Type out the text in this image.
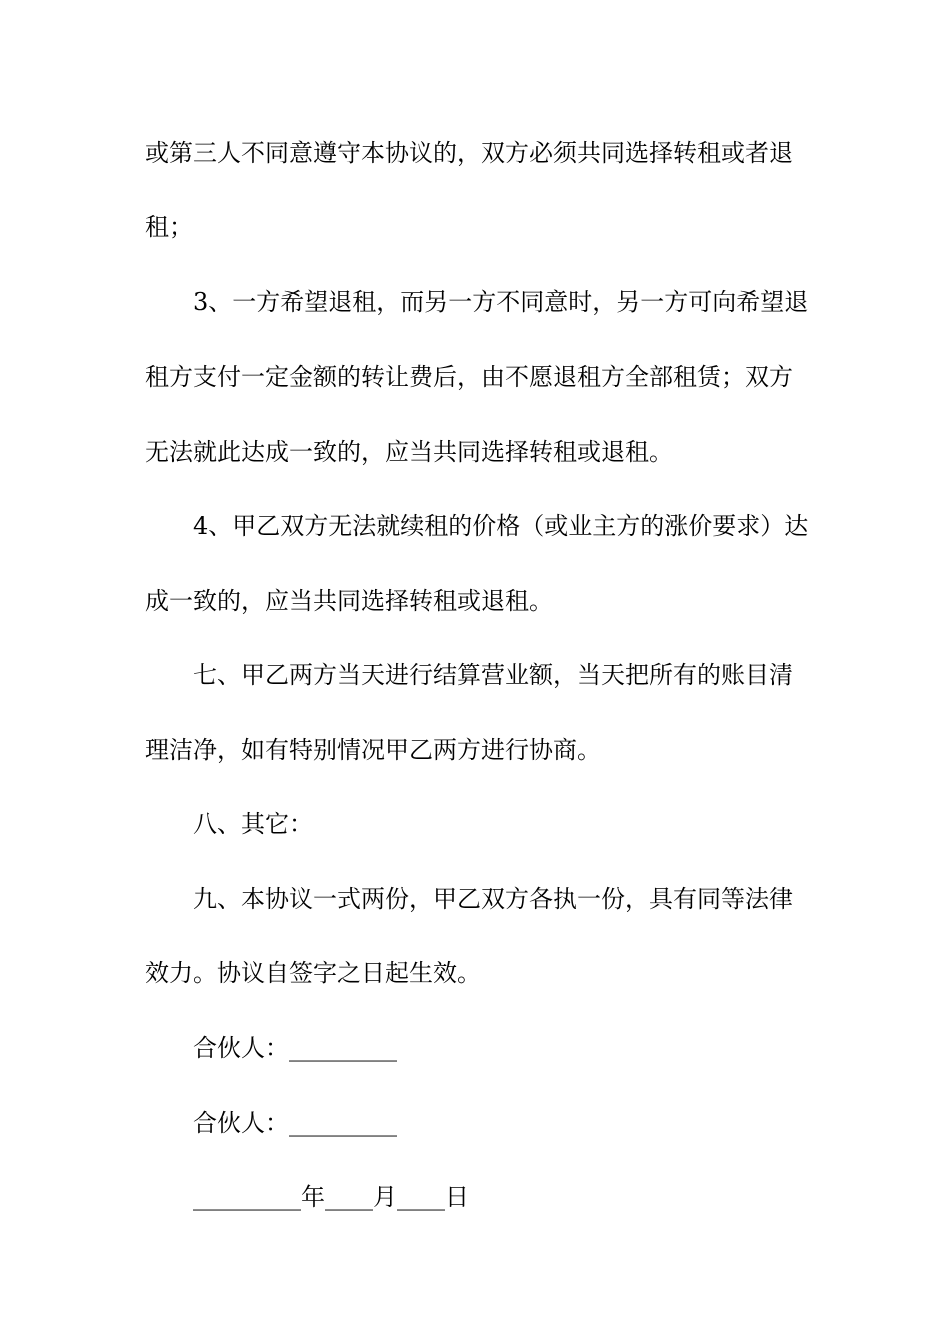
或第三人不同意遵守本协议的，双方必须共同选择转租或者退
租；
3、一方希望退租，而另一方不同意时，另一方可向希望退
租方支付一定金额的转让费后，由不愿退租方全部租赁；双方
无法就此达成一致的，应当共同选择转租或退租。
4、甲乙双方无法就续租的价格（或业主方的涨价要求）达
成一致的，应当共同选择转租或退租。
七、甲乙两方当天进行结算营业额，当天把所有的账目清
理洁净，如有特别情况甲乙两方进行协商。
八、其它：
九、本协议一式两份，甲乙双方各执一份，具有同等法律
效力。协议自签字之日起生效。
合伙人：_________
合伙人：_________
_________年____月____日
